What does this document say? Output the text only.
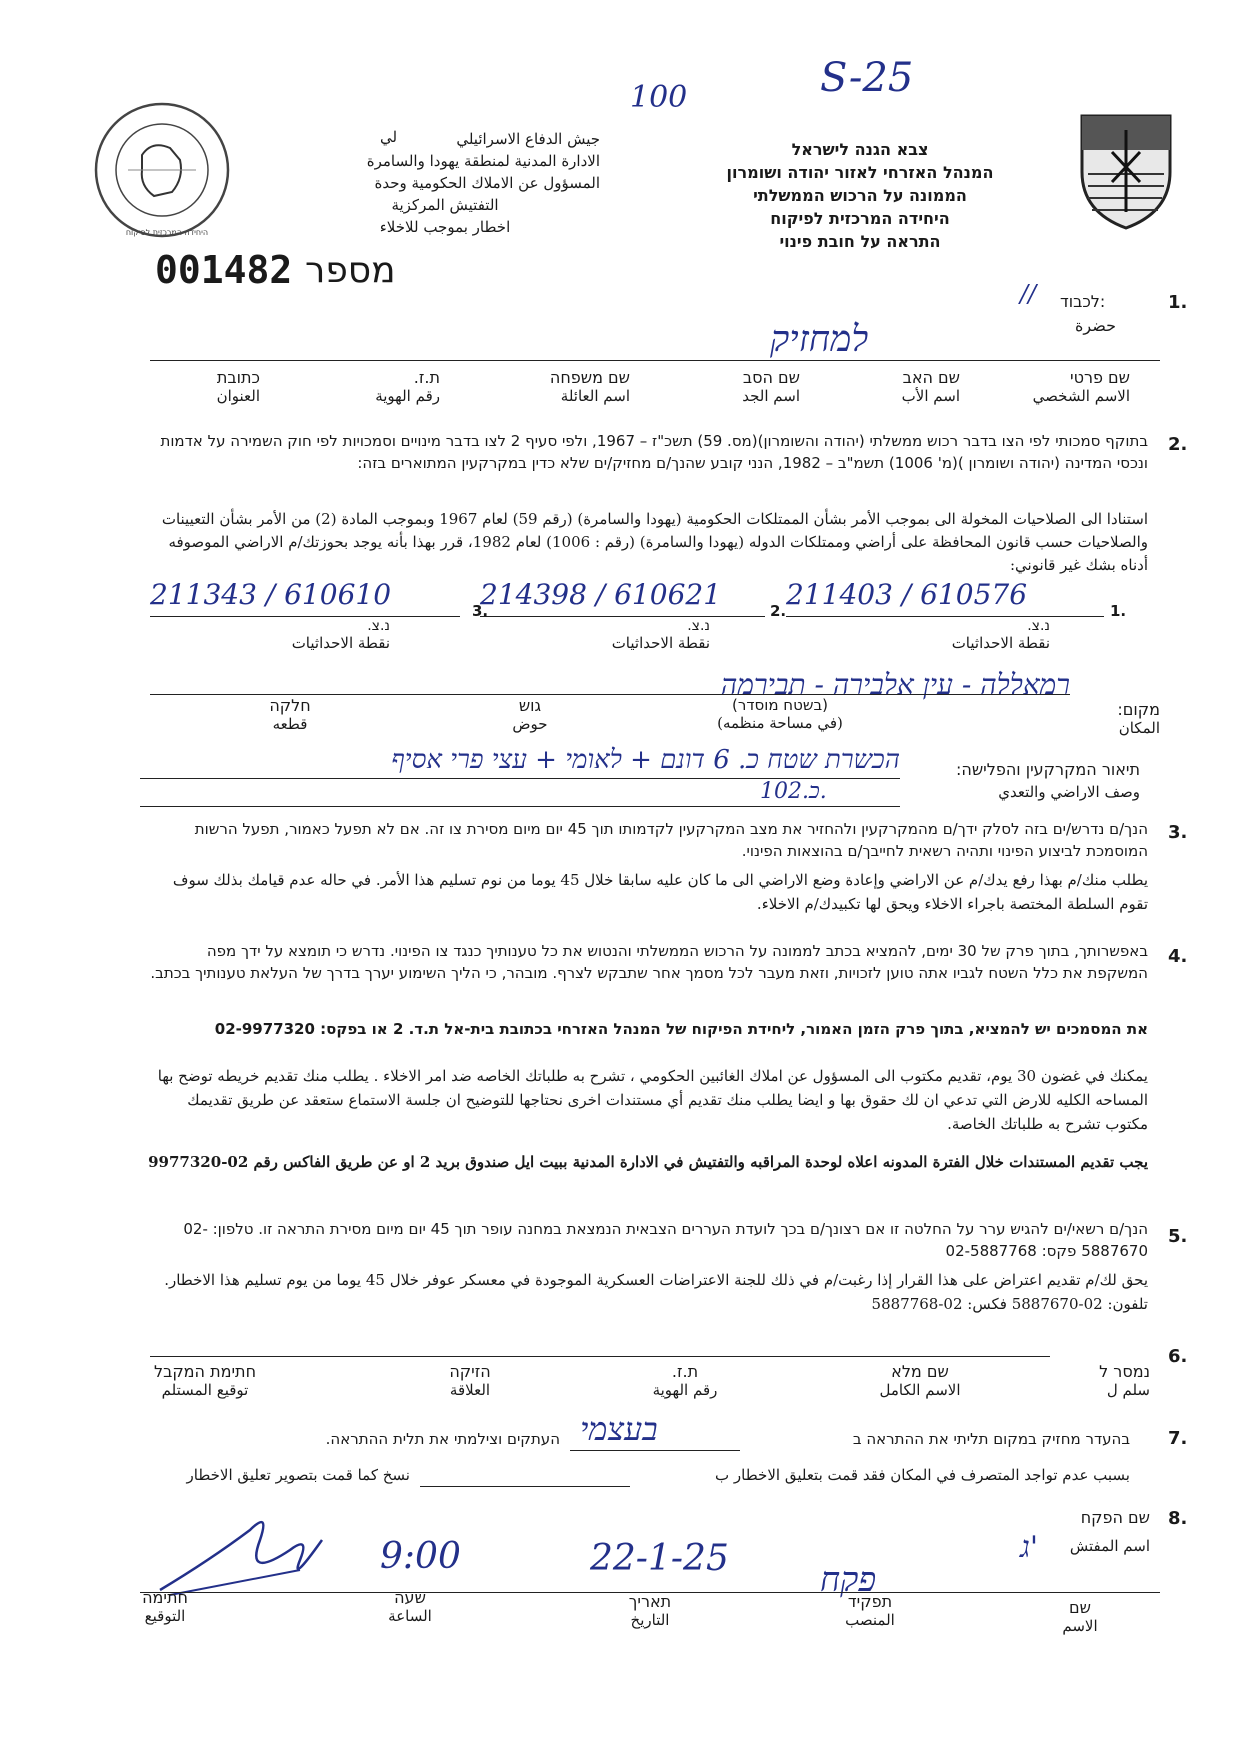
100	S-25
היחידה המרכזית לפיקוח
جيش الدفاع الاسرائيلي
الادارة المدنية لمنطقة يهودا والسامرة
المسؤول عن الاملاك الحكومية وحدة
التفتيش المركزية
اخطار بموجب للاخلاء
لي
צבא הגנה לישראל
המנהל האזרחי לאזור יהודה ושומרון
הממונה על הרכוש הממשלתי
היחידה המרכזית לפיקוח
התראה על חובת פינוי
001482 מספר
1.
לכבוד:
حضرة
//
למחזיק
שם פרטי
الاسم الشخصي
שם האב
اسم الأب
שם הסב
اسم الجد
שם משפחה
اسم العائلة
ת.ז.
رقم الهوية
כתובת
العنوان
2.

בתוקף סמכותי לפי הצו בדבר רכוש ממשלתי (יהודה והשומרון)(מס. 59) תשכ"ז – 1967, ולפי סעיף 2 לצו בדבר מינויים וסמכויות לפי חוק השמירה על אדמות ונכסי המדינה (יהודה ושומרון )(מ' 1006) תשמ"ב – 1982, הנני קובע שהנך/ם מחזיק/ים שלא כדין במקרקעין המתוארים בזה:

استنادا الى الصلاحيات المخولة الى بموجب الأمر بشأن الممتلكات الحكومية (يهودا والسامرة) (رقم 59) لعام 1967 وبموجب المادة (2) من الأمر بشأن التعيينات والصلاحيات حسب قانون المحافظة على أراضي وممتلكات الدوله (يهودا والسامرة) (رقم : 1006) لعام 1982، قرر بهذا بأنه يوجد بحوزتك/م الاراضي الموصوفه أدناه بشك غير قانوني:

1.
211403 / 610576
נ.צ.
نقطة الاحداثيات
2.
214398 / 610621
נ.צ.
نقطة الاحداثيات
3.
211343 / 610610
נ.צ.
نقطة الاحداثيات
רמאללה - עין אלבירה - תבירמה
מקום:
المكان
(בשטח מוסדר)
(في مساحة منظمه)
גוש
حوض
חלקה
قطعه
תיאור המקרקעין והפלישה:
وصف الاراضي والتعدي
הכשרת שטח כ. 6 דונם + לאומי + עצי פרי אסיף
כ.102.
3.

הנך/ם נדרש/ים בזה לסלק ידך/ם מהמקרקעין ולהחזיר את מצב המקרקעין לקדמותו תוך 45 יום מיום מסירת צו זה. אם לא תפעל כאמור, תפעל הרשות המוסמכת לביצוע הפינוי ותהיה רשאית לחייבך/ם בהוצאות הפינוי.

يطلب منك/م بهذا رفع يدك/م عن الاراضي وإعادة وضع الاراضي الى ما كان عليه سابقا خلال 45 يوما من نوم تسليم هذا الأمر. في حاله عدم قيامك بذلك سوف تقوم السلطة المختصة باجراء الاخلاء ويحق لها تكبيدك/م الاخلاء.

4.

באפשרותך, בתוך פרק של 30 ימים, להמציא בכתב לממונה על הרכוש הממשלתי והנטוש את כל טענותיך כנגד צו הפינוי. נדרש כי תומצא על ידך מפה המשקפת את כלל השטח לגביו אתה טוען לזכויות, וזאת מעבר לכל מסמך אחר שתבקש לצרף. מובהר, כי הליך השימוע יערך בדרך של העלאת טענותיך בכתב.

את המסמכים יש להמציא, בתוך פרק הזמן האמור, ליחידת הפיקוח של המנהל האזרחי בכתובת בית-אל ת.ד. 2 או בפקס: 02-9977320

يمكنك في غضون 30 يوم، تقديم مكتوب الى المسؤول عن املاك الغائبين الحكومي ، تشرح به طلباتك الخاصه ضد امر الاخلاء . يطلب منك تقديم خريطه توضح بها المساحه الكليه للارض التي تدعي ان لك حقوق بها و ايضا يطلب منك تقديم أي مستندات اخرى نحتاجها للتوضيح ان جلسة الاستماع ستعقد عن طريق تقديمك مكتوب تشرح به طلباتك الخاصة.

يجب تقديم المستندات خلال الفترة المدونه اعلاه لوحدة المراقبه والتفتيش في الادارة المدنية ببيت ايل صندوق بريد 2 او عن طريق الفاكس رقم 02-9977320

5.

הנך/ם רשאי/ים להגיש ערר על החלטה זו אם רצונך/ם בכך לועדת העררים הצבאית הנמצאת במחנה עופר תוך 45 יום מיום מסירת התראה זו. טלפון: 02-5887670 פקס: 02-5887768

يحق لك/م تقديم اعتراض على هذا القرار إذا رغبت/م في ذلك للجنة الاعتراضات العسكرية الموجودة في معسكر عوفر خلال 45 يوما من يوم تسليم هذا الاخطار. تلفون: 02-5887670 فكس: 02-5887768

6.
נמסר ל
سلم ل
שם מלא
الاسم الكامل
ת.ז.
رقم الهوية
הזיקה
العلاقة
חתימת המקבל
توقيع المستلم
7.
בהעדר מחזיק במקום תליתי את ההתראה ב
בעצמי
העתקים וצילמתי את תלית ההתראה.
بسبب عدم تواجد المتصرف في المكان فقد قمت بتعليق الاخطار ب
نسخ كما قمت بتصوير تعليق الاخطار
8.
שם הפקח
اسم المفتش
ג'
פקח
22-1-25
9:00
שם
الاسم
תפקיד
المنصب
תאריך
التاريخ
שעה
الساعة
חתימה
التوقيع
